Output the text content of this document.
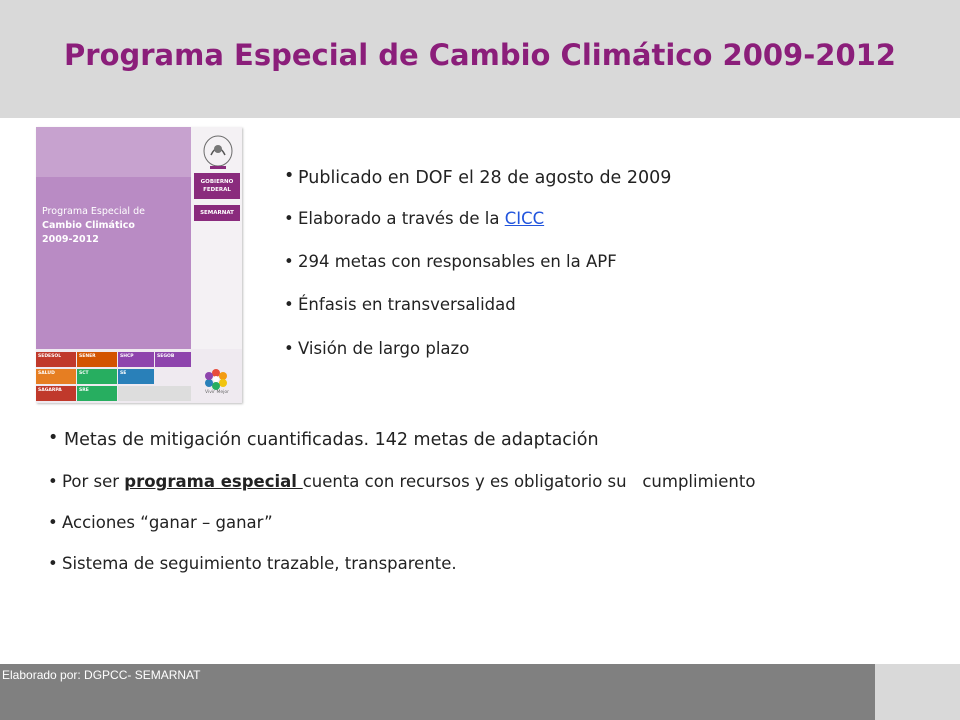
Programa Especial de Cambio Climático 2009-2012
Programa Especial de
Cambio Climático
2009-2012
GOBIERNO FEDERAL
SEMARNAT
SEDESOL	SENER	SHCP	SEGOB
SALUD	SCT	SE
SAGARPA	SRE	Vivir Mejor
• Publicado en DOF el 28 de agosto de 2009
• Elaborado a través de la CICC
• 294 metas con responsables en la APF
• Énfasis en transversalidad
• Visión de largo plazo
• Metas de mitigación cuantificadas. 142 metas de adaptación
• Por ser programa especial cuenta con recursos y es obligatorio su   cumplimiento
• Acciones “ganar – ganar”
• Sistema de seguimiento trazable, transparente.
Elaborado por: DGPCC- SEMARNAT
